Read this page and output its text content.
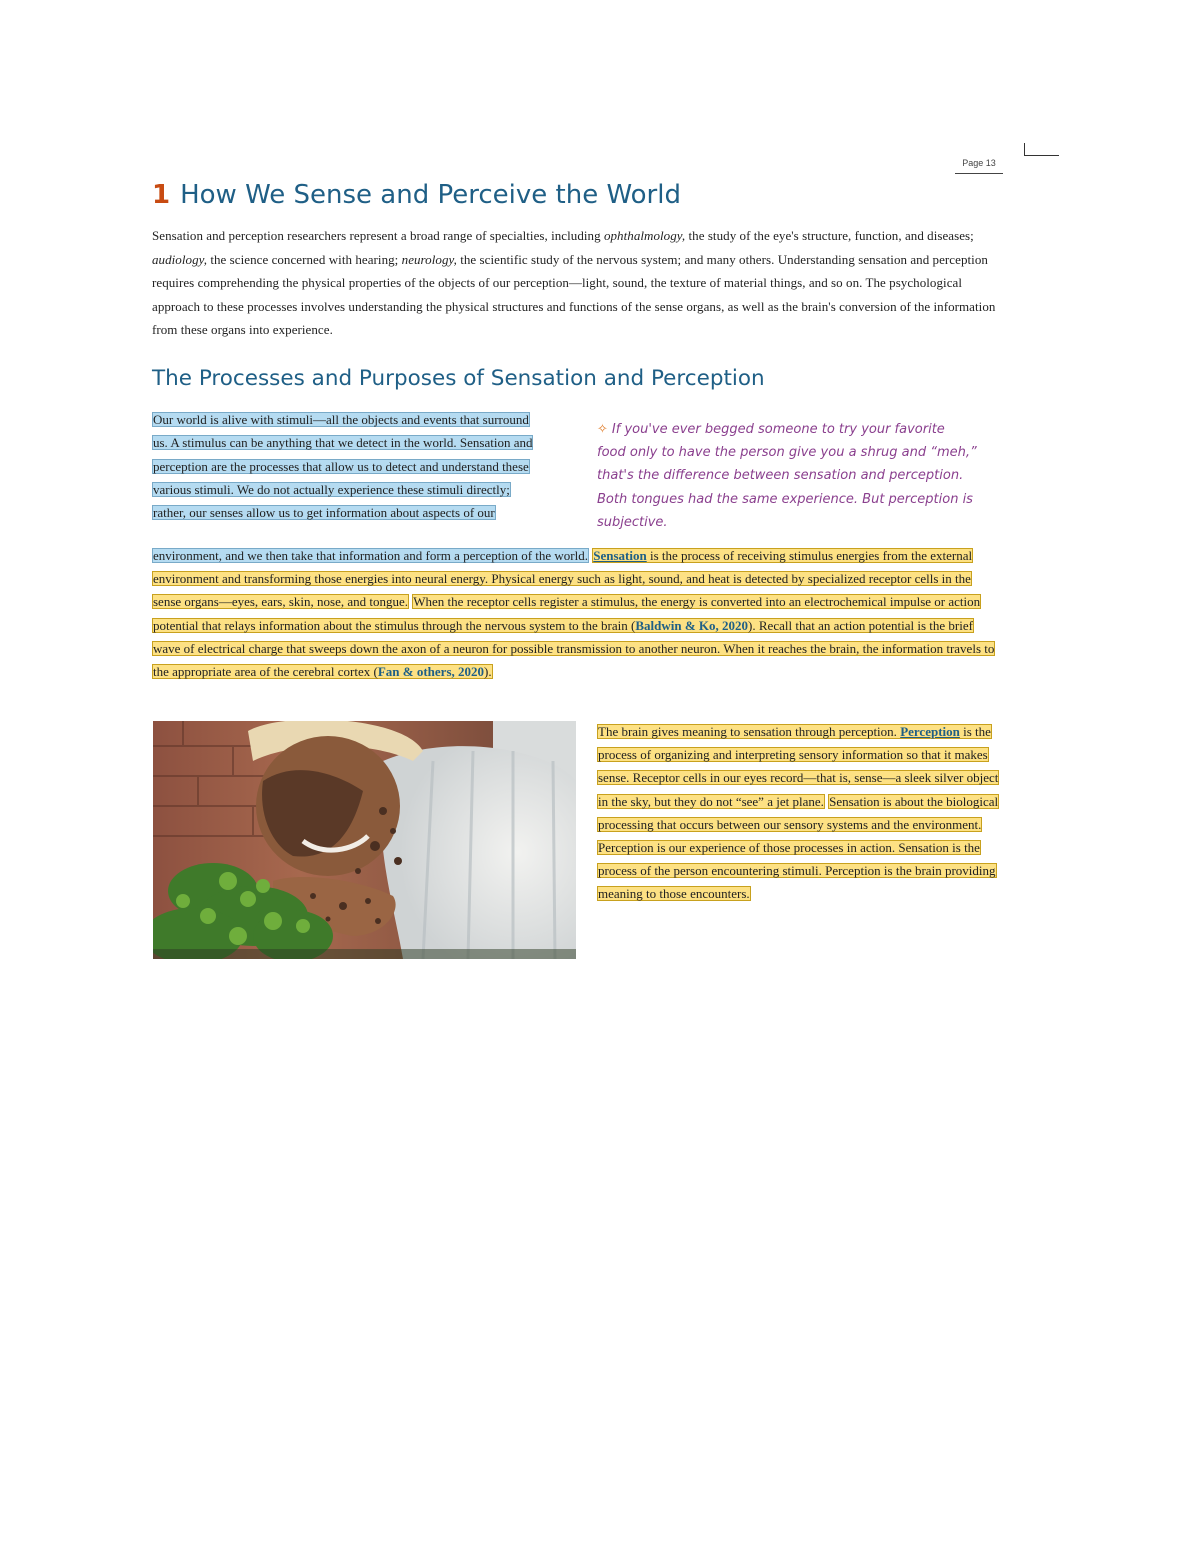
Page 13
1 How We Sense and Perceive the World

Sensation and perception researchers represent a broad range of specialties, including ophthalmology, the study of the eye's structure, function, and diseases; audiology, the science concerned with hearing; neurology, the scientific study of the nervous system; and many others. Understanding sensation and perception requires comprehending the physical properties of the objects of our perception—light, sound, the texture of material things, and so on. The psychological approach to these processes involves understanding the physical structures and functions of the sense organs, as well as the brain's conversion of the information from these organs into experience.

The Processes and Purposes of Sensation and Perception

Our world is alive with stimuli—all the objects and events that surround us. A stimulus can be anything that we detect in the world. Sensation and perception are the processes that allow us to detect and understand these various stimuli. We do not actually experience these stimuli directly; rather, our senses allow us to get information about aspects of our

✧ If you've ever begged someone to try your favorite food only to have the person give you a shrug and “meh,” that's the difference between sensation and perception. Both tongues had the same experience. But perception is subjective.

environment, and we then take that information and form a perception of the world. Sensation is the process of receiving stimulus energies from the external environment and transforming those energies into neural energy. Physical energy such as light, sound, and heat is detected by specialized receptor cells in the sense organs—eyes, ears, skin, nose, and tongue. When the receptor cells register a stimulus, the energy is converted into an electrochemical impulse or action potential that relays information about the stimulus through the nervous system to the brain (Baldwin & Ko, 2020). Recall that an action potential is the brief wave of electrical charge that sweeps down the axon of a neuron for possible transmission to another neuron. When it reaches the brain, the information travels to the appropriate area of the cerebral cortex (Fan & others, 2020).

The brain gives meaning to sensation through perception. Perception is the process of organizing and interpreting sensory information so that it makes sense. Receptor cells in our eyes record—that is, sense—a sleek silver object in the sky, but they do not “see” a jet plane. Sensation is about the biological processing that occurs between our sensory systems and the environment. Perception is our experience of those processes in action. Sensation is the process of the person encountering stimuli. Perception is the brain providing meaning to those encounters.
